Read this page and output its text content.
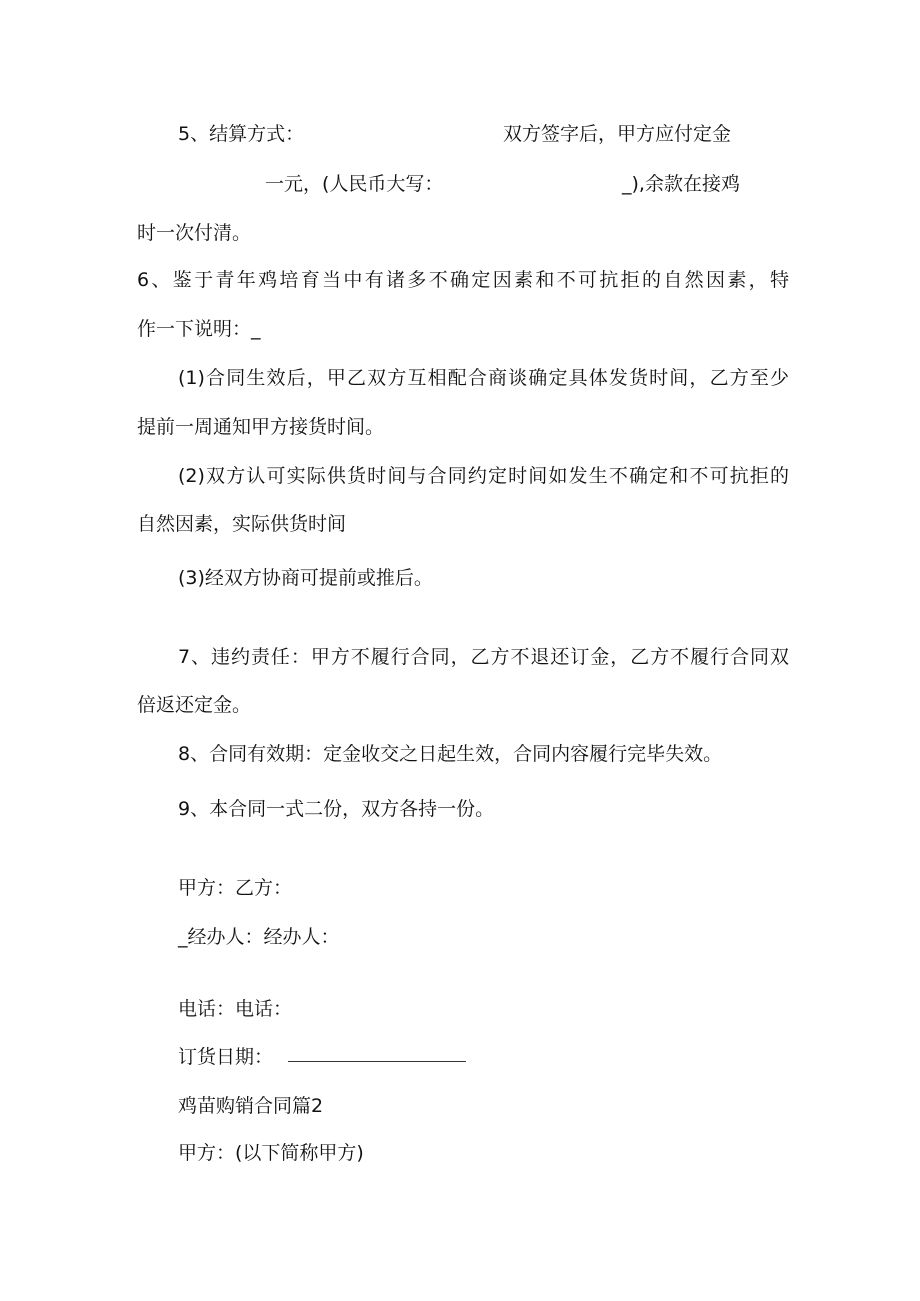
5、结算方式：	双方签字后，甲方应付定金
一元，(人民币大写：	_),余款在接鸡
时一次付清。
6、鉴于青年鸡培育当中有诸多不确定因素和不可抗拒的自然因素，特
作一下说明：_
(1)合同生效后，甲乙双方互相配合商谈确定具体发货时间，乙方至少
提前一周通知甲方接货时间。
(2)双方认可实际供货时间与合同约定时间如发生不确定和不可抗拒的
自然因素，实际供货时间
(3)经双方协商可提前或推后。
7、违约责任：甲方不履行合同，乙方不退还订金，乙方不履行合同双
倍返还定金。
8、合同有效期：定金收交之日起生效，合同内容履行完毕失效。
9、本合同一式二份，双方各持一份。
甲方：乙方：
_经办人：经办人：
电话：电话：
订货日期：
鸡苗购销合同篇2
甲方：(以下简称甲方)
